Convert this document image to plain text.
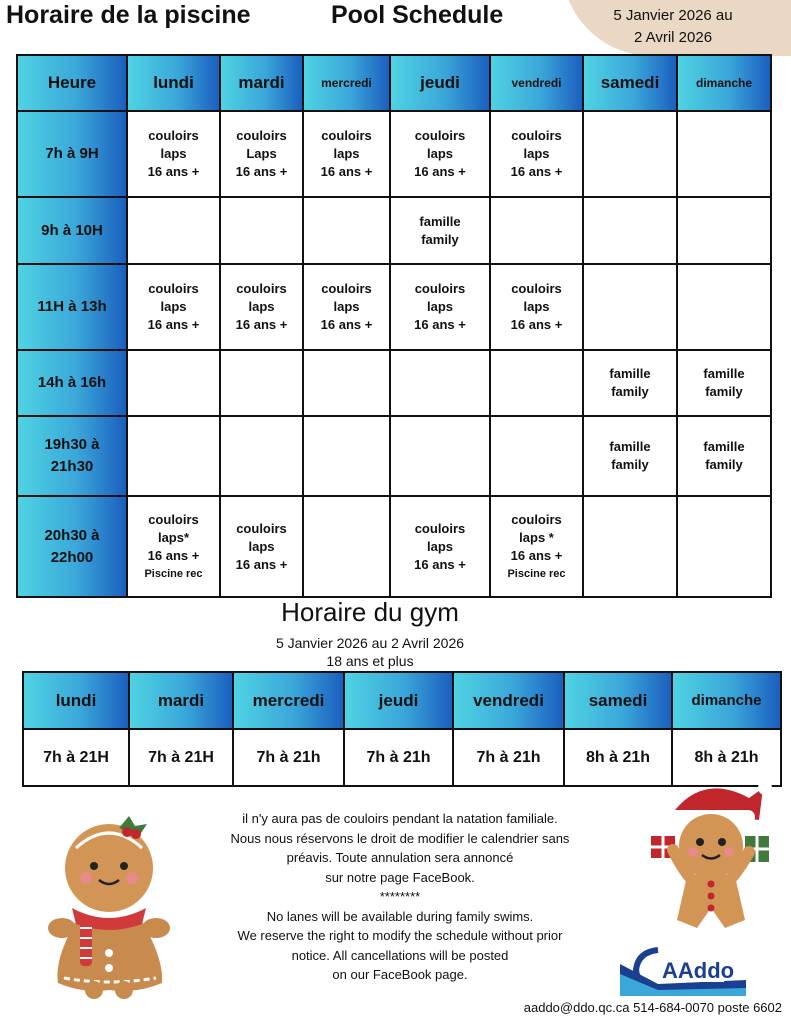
Horaire de la piscine	Pool Schedule	5 Janvier 2026 au
2 Avril 2026
Heure	lundi	mardi	mercredi	jeudi	vendredi	samedi	dimanche
7h à 9H	couloirs
laps
16 ans +	couloirs
Laps
16 ans +	couloirs
laps
16 ans +	couloirs
laps
16 ans +	couloirs
laps
16 ans +		
9h à 10H				famille
family			
11H à 13h	couloirs
laps
16 ans +	couloirs
laps
16 ans +	couloirs
laps
16 ans +	couloirs
laps
16 ans +	couloirs
laps
16 ans +		
14h à 16h						famille
family	famille
family
19h30 à
21h30						famille
family	famille
family
20h30 à
22h00	couloirs
laps*
16 ans +
Piscine rec	couloirs
laps
16 ans +		couloirs
laps
16 ans +	couloirs
laps *
16 ans +
Piscine rec		

Horaire du gym
5 Janvier 2026 au 2 Avril 2026
18 ans et plus
lundi	mardi	mercredi	jeudi	vendredi	samedi	dimanche
7h à 21H	7h à 21H	7h à 21h	7h à 21h	7h à 21h	8h à 21h	8h à 21h
il n'y aura pas de couloirs pendant la natation familiale.
Nous nous réservons le droit de modifier le calendrier sans
préavis. Toute annulation sera annoncé
sur notre page FaceBook.
********
No lanes will be available during family swims.
We reserve the right to modify the schedule without prior
notice. All cancellations will be posted
on our FaceBook page.	AAddo
aaddo@ddo.qc.ca 514-684-0070 poste 6602
